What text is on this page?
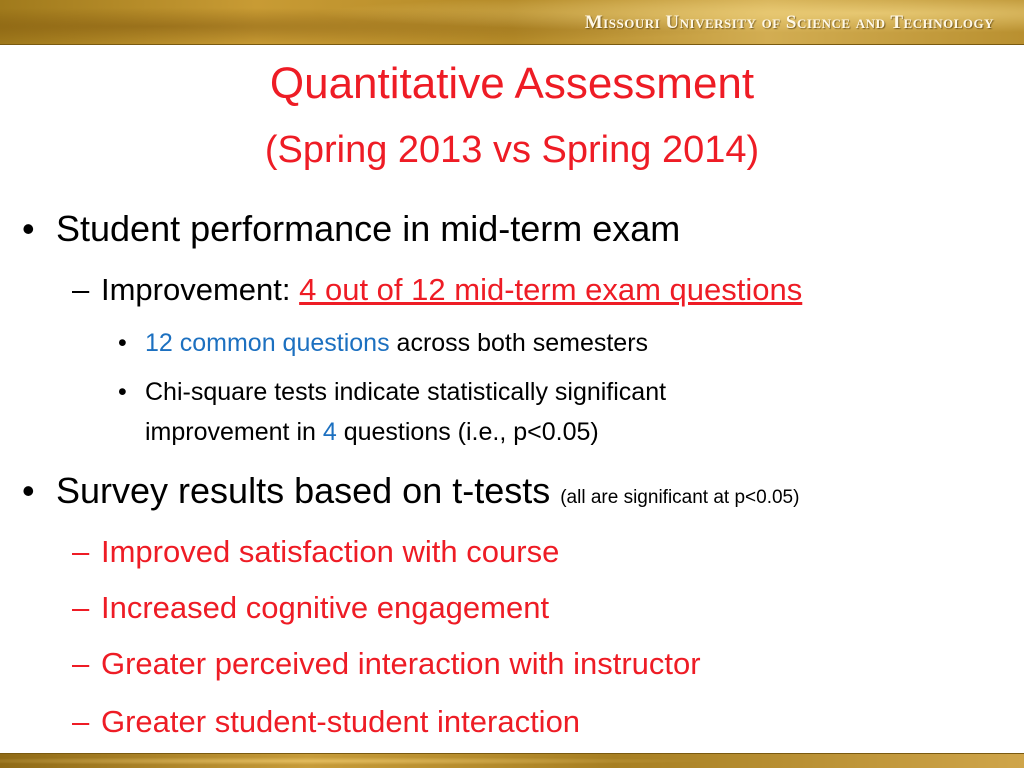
Missouri University of Science and Technology
Quantitative Assessment
(Spring 2013 vs Spring 2014)
• Student performance in mid-term exam
– Improvement: 4 out of 12 mid-term exam questions
• 12 common questions across both semesters
• Chi-square tests indicate statistically significant
improvement in 4 questions (i.e., p<0.05)
• Survey results based on t-tests (all are significant at p<0.05)
– Improved satisfaction with course
– Increased cognitive engagement
– Greater perceived interaction with instructor
– Greater student-student interaction
